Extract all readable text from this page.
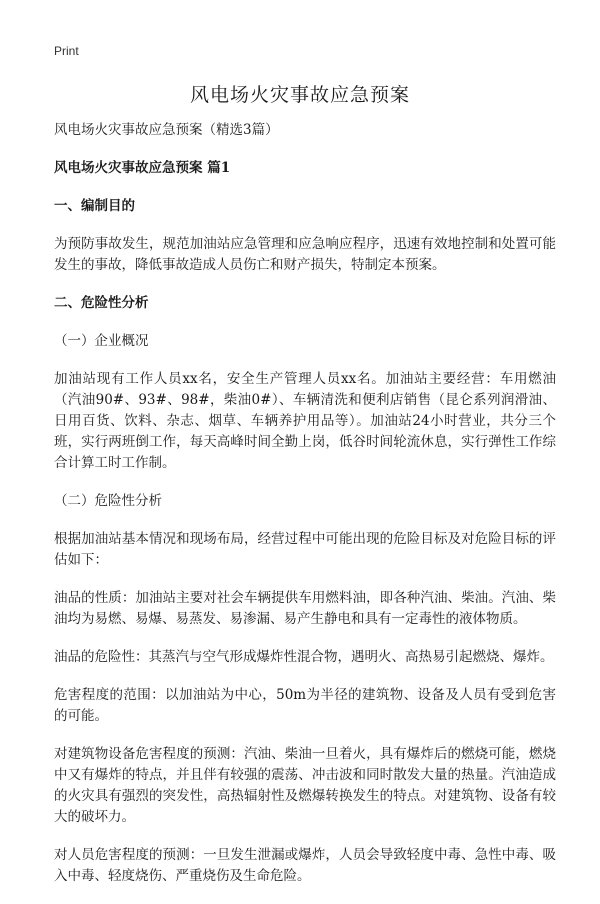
Print
风电场火灾事故应急预案

风电场火灾事故应急预案（精选3篇）

风电场火灾事故应急预案 篇1

一、编制目的

为预防事故发生，规范加油站应急管理和应急响应程序，迅速有效地控制和处置可能发生的事故，降低事故造成人员伤亡和财产损失，特制定本预案。

二、危险性分析

（一）企业概况

加油站现有工作人员xx名，安全生产管理人员xx名。加油站主要经营：车用燃油（汽油90#、93#、98#，柴油0#）、车辆清洗和便利店销售（昆仑系列润滑油、日用百货、饮料、杂志、烟草、车辆养护用品等）。加油站24小时营业，共分三个班，实行两班倒工作，每天高峰时间全勤上岗，低谷时间轮流休息，实行弹性工作综合计算工时工作制。

（二）危险性分析

根据加油站基本情况和现场布局，经营过程中可能出现的危险目标及对危险目标的评估如下：

油品的性质：加油站主要对社会车辆提供车用燃料油，即各种汽油、柴油。汽油、柴油均为易燃、易爆、易蒸发、易渗漏、易产生静电和具有一定毒性的液体物质。

油品的危险性：其蒸汽与空气形成爆炸性混合物，遇明火、高热易引起燃烧、爆炸。

危害程度的范围：以加油站为中心，50m为半径的建筑物、设备及人员有受到危害的可能。

对建筑物设备危害程度的预测：汽油、柴油一旦着火，具有爆炸后的燃烧可能，燃烧中又有爆炸的特点，并且伴有较强的震荡、冲击波和同时散发大量的热量。汽油造成的火灾具有强烈的突发性，高热辐射性及燃爆转换发生的特点。对建筑物、设备有较大的破坏力。

对人员危害程度的预测：一旦发生泄漏或爆炸，人员会导致轻度中毒、急性中毒、吸入中毒、轻度烧伤、严重烧伤及生命危险。
